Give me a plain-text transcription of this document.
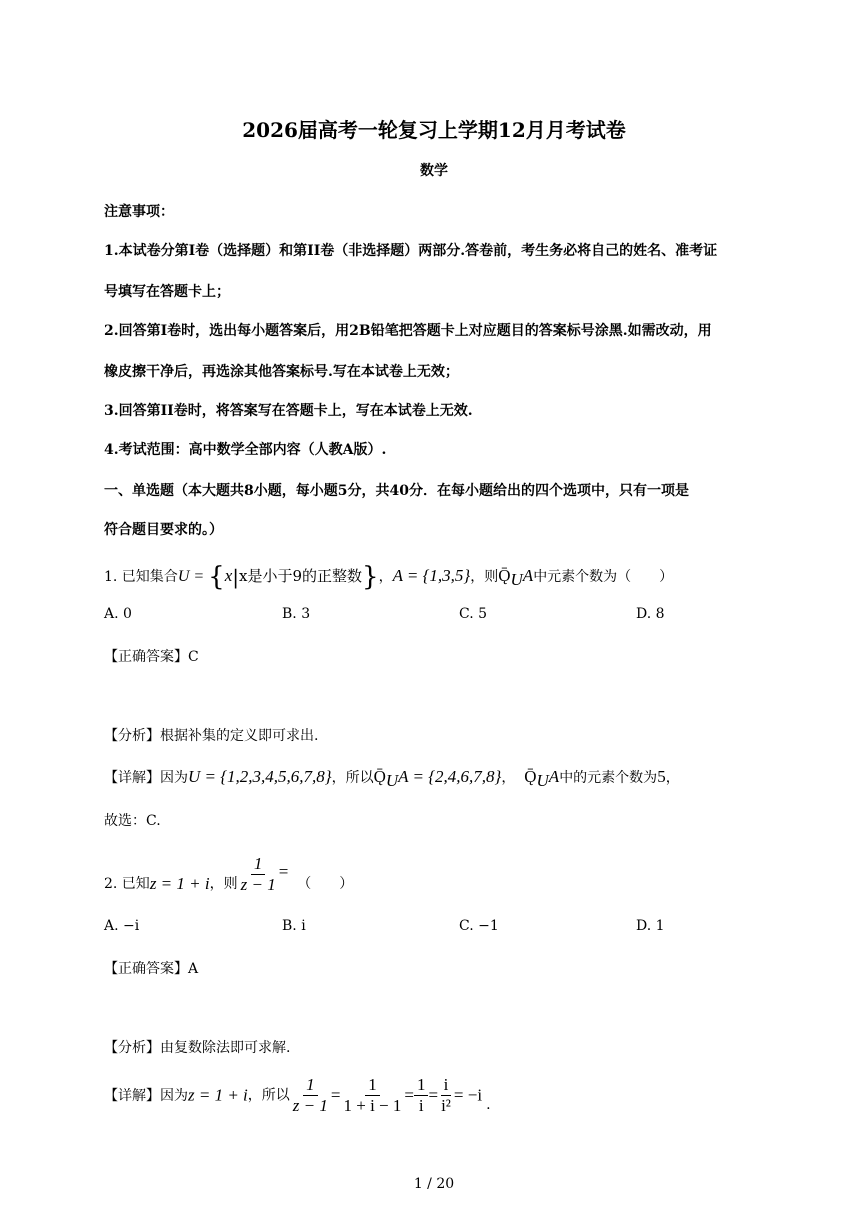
2026届高考一轮复习上学期12月月考试卷
数学
注意事项：
1.本试卷分第I卷（选择题）和第II卷（非选择题）两部分.答卷前，考生务必将自己的姓名、准考证
号填写在答题卡上；
2.回答第I卷时，选出每小题答案后，用2B铅笔把答题卡上对应题目的答案标号涂黑.如需改动，用
橡皮擦干净后，再选涂其他答案标号.写在本试卷上无效；
3.回答第II卷时，将答案写在答题卡上，写在本试卷上无效.
4.考试范围：高中数学全部内容（人教A版）.
一、单选题（本大题共8小题，每小题5分，共40分．在每小题给出的四个选项中，只有一项是
符合题目要求的。）
1. 已知集合U = {x|x是小于9的正整数}，A = {1,3,5}，则$Ǭ_UA$中元素个数为（　　）
A. 0	B. 3	C. 5	D. 8
【正确答案】C
【分析】根据补集的定义即可求出.
【详解】因为U = {1,2,3,4,5,6,7,8}，所以$Ǭ_UA = \{2,4,6,7,8\}$，  $Ǭ_UA$中的元素个数为5，
故选：C.
2. 已知z = 1 + i，则 $\frac{1}{z - 1}$ =  （　　）
A. −i	B. i	C. −1	D. 1
【正确答案】A
【分析】由复数除法即可求解.
【详解】因为z = 1 + i，所以 $\frac{1}{z - 1} = \frac{1}{1 + i - 1} = \frac{1}{i} = \frac{i}{\text{i²}} = -i$.
1 / 20
